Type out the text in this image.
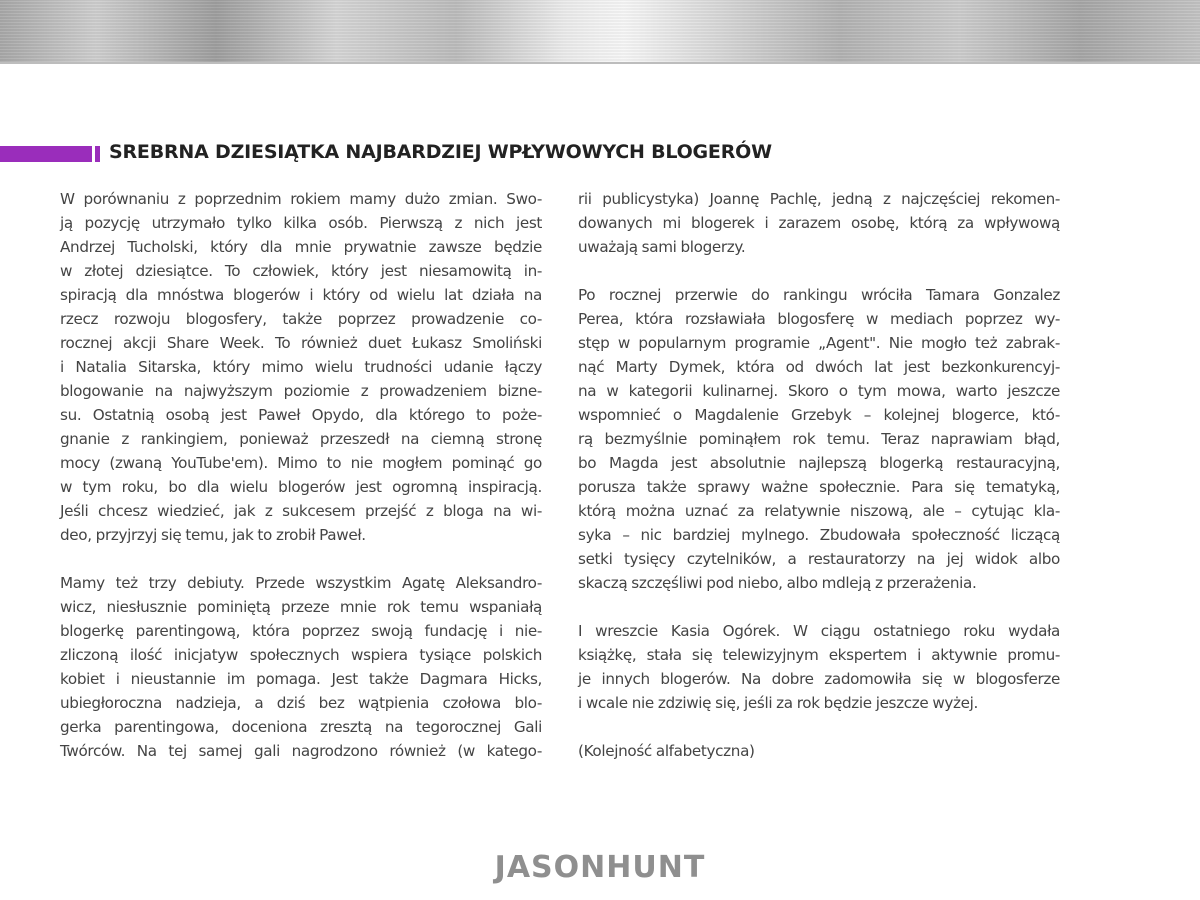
SREBRNA DZIESIĄTKA NAJBARDZIEJ WPŁYWOWYCH BLOGERÓW
W porównaniu z poprzednim rokiem mamy dużo zmian. Swo-
ją pozycję utrzymało tylko kilka osób. Pierwszą z nich jest
Andrzej Tucholski, który dla mnie prywatnie zawsze będzie
w złotej dziesiątce. To człowiek, który jest niesamowitą in-
spiracją dla mnóstwa blogerów i który od wielu lat działa na
rzecz rozwoju blogosfery, także poprzez prowadzenie co-
rocznej akcji Share Week. To również duet Łukasz Smoliński
i Natalia Sitarska, który mimo wielu trudności udanie łączy
blogowanie na najwyższym poziomie z prowadzeniem bizne-
su. Ostatnią osobą jest Paweł Opydo, dla którego to poże-
gnanie z rankingiem, ponieważ przeszedł na ciemną stronę
mocy (zwaną YouTube'em). Mimo to nie mogłem pominąć go
w tym roku, bo dla wielu blogerów jest ogromną inspiracją.
Jeśli chcesz wiedzieć, jak z sukcesem przejść z bloga na wi-
deo, przyjrzyj się temu, jak to zrobił Paweł.
Mamy też trzy debiuty. Przede wszystkim Agatę Aleksandro-
wicz, niesłusznie pominiętą przeze mnie rok temu wspaniałą
blogerkę parentingową, która poprzez swoją fundację i nie-
zliczoną ilość inicjatyw społecznych wspiera tysiące polskich
kobiet i nieustannie im pomaga. Jest także Dagmara Hicks,
ubiegłoroczna nadzieja, a dziś bez wątpienia czołowa blo-
gerka parentingowa, doceniona zresztą na tegorocznej Gali
Twórców. Na tej samej gali nagrodzono również (w katego-
rii publicystyka) Joannę Pachlę, jedną z najczęściej rekomen-
dowanych mi blogerek i zarazem osobę, którą za wpływową
uważają sami blogerzy.
Po rocznej przerwie do rankingu wróciła Tamara Gonzalez
Perea, która rozsławiała blogosferę w mediach poprzez wy-
stęp w popularnym programie „Agent". Nie mogło też zabrak-
nąć Marty Dymek, która od dwóch lat jest bezkonkurencyj-
na w kategorii kulinarnej. Skoro o tym mowa, warto jeszcze
wspomnieć o Magdalenie Grzebyk – kolejnej blogerce, któ-
rą bezmyślnie pominąłem rok temu. Teraz naprawiam błąd,
bo Magda jest absolutnie najlepszą blogerką restauracyjną,
porusza także sprawy ważne społecznie. Para się tematyką,
którą można uznać za relatywnie niszową, ale – cytując kla-
syka – nic bardziej mylnego. Zbudowała społeczność liczącą
setki tysięcy czytelników, a restauratorzy na jej widok albo
skaczą szczęśliwi pod niebo, albo mdleją z przerażenia.
I wreszcie Kasia Ogórek. W ciągu ostatniego roku wydała
książkę, stała się telewizyjnym ekspertem i aktywnie promu-
je innych blogerów. Na dobre zadomowiła się w blogosferze
i wcale nie zdziwię się, jeśli za rok będzie jeszcze wyżej.
(Kolejność alfabetyczna)
JASONHUNT
